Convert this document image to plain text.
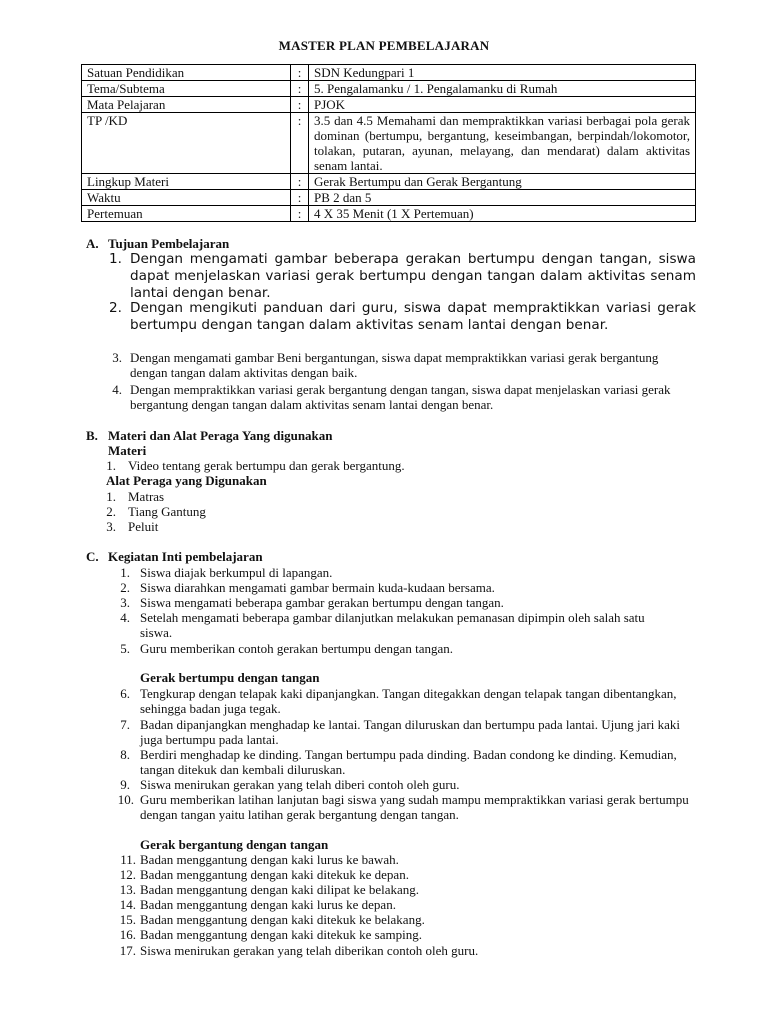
MASTER PLAN PEMBELAJARAN
Satuan Pendidikan	:	SDN Kedungpari 1
Tema/Subtema	:	5. Pengalamanku / 1. Pengalamanku di Rumah
Mata Pelajaran	:	PJOK
TP /KD	:	3.5 dan 4.5 Memahami dan mempraktikkan variasi berbagai pola gerak dominan (bertumpu, bergantung, keseimbangan, berpindah/lokomotor, tolakan, putaran, ayunan, melayang, dan mendarat) dalam aktivitas senam lantai.
Lingkup Materi	:	Gerak Bertumpu dan Gerak Bergantung
Waktu	:	PB 2 dan 5
Pertemuan	:	4 X 35 Menit (1 X Pertemuan)
A. Tujuan Pembelajaran
1. Dengan mengamati gambar beberapa gerakan bertumpu dengan tangan, siswa dapat menjelaskan variasi gerak bertumpu dengan tangan dalam aktivitas senam lantai dengan benar.
2. Dengan mengikuti panduan dari guru, siswa dapat mempraktikkan variasi gerak bertumpu dengan tangan dalam aktivitas senam lantai dengan benar.
3. Dengan mengamati gambar Beni bergantungan, siswa dapat mempraktikkan variasi gerak bergantung dengan tangan dalam aktivitas dengan baik.
4. Dengan mempraktikkan variasi gerak bergantung dengan tangan, siswa dapat menjelaskan variasi gerak bergantung dengan tangan dalam aktivitas senam lantai dengan benar.
B. Materi dan Alat Peraga Yang digunakan
Materi
1. Video tentang gerak bertumpu dan gerak bergantung.
Alat Peraga yang Digunakan
1. Matras
2. Tiang Gantung
3. Peluit
C. Kegiatan Inti pembelajaran
1. Siswa diajak berkumpul di lapangan.
2. Siswa diarahkan mengamati gambar bermain kuda-kudaan bersama.
3. Siswa mengamati beberapa gambar gerakan bertumpu dengan tangan.
4. Setelah mengamati beberapa gambar dilanjutkan melakukan pemanasan dipimpin oleh salah satu siswa.
5. Guru memberikan contoh gerakan bertumpu dengan tangan.
Gerak bertumpu dengan tangan
6. Tengkurap dengan telapak kaki dipanjangkan. Tangan ditegakkan dengan telapak tangan dibentangkan, sehingga badan juga tegak.
7. Badan dipanjangkan menghadap ke lantai. Tangan diluruskan dan bertumpu pada lantai. Ujung jari kaki juga bertumpu pada lantai.
8. Berdiri menghadap ke dinding. Tangan bertumpu pada dinding. Badan condong ke dinding. Kemudian, tangan ditekuk dan kembali diluruskan.
9. Siswa menirukan gerakan yang telah diberi contoh oleh guru.
10. Guru memberikan latihan lanjutan bagi siswa yang sudah mampu mempraktikkan variasi gerak bertumpu dengan tangan yaitu latihan gerak bergantung dengan tangan.
Gerak bergantung dengan tangan
11. Badan menggantung dengan kaki lurus ke bawah.
12. Badan menggantung dengan kaki ditekuk ke depan.
13. Badan menggantung dengan kaki dilipat ke belakang.
14. Badan menggantung dengan kaki lurus ke depan.
15. Badan menggantung dengan kaki ditekuk ke belakang.
16. Badan menggantung dengan kaki ditekuk ke samping.
17. Siswa menirukan gerakan yang telah diberikan contoh oleh guru.
